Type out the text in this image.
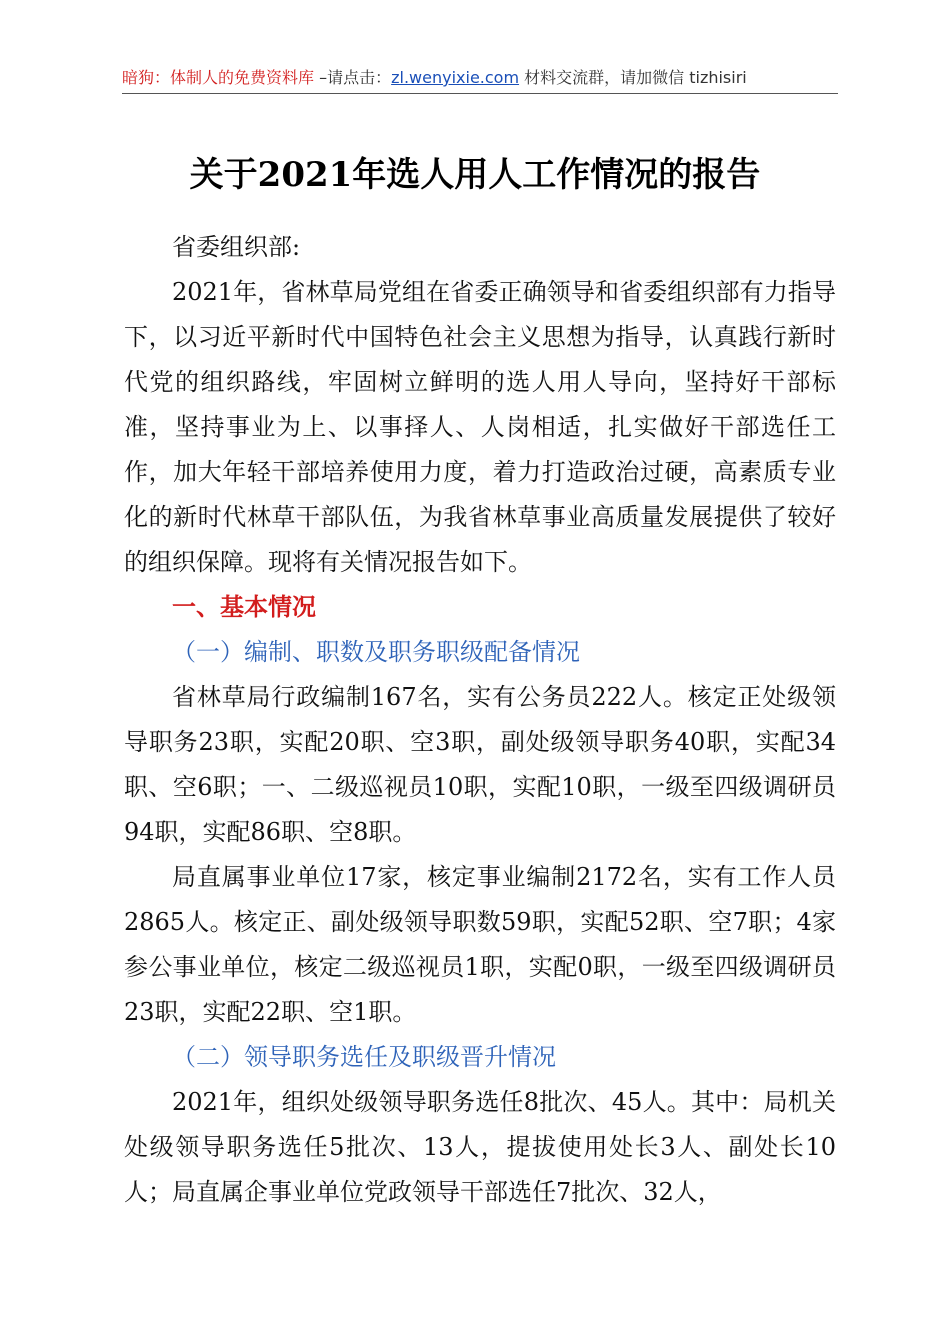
暗狗：体制人的免费资料库 –请点击：zl.wenyixie.com 材料交流群，请加微信 tizhisiri
关于2021年选人用人工作情况的报告

省委组织部:

2021年，省林草局党组在省委正确领导和省委组织部有力指导下，以习近平新时代中国特色社会主义思想为指导，认真践行新时代党的组织路线，牢固树立鲜明的选人用人导向，坚持好干部标准，坚持事业为上、以事择人、人岗相适，扎实做好干部选任工作，加大年轻干部培养使用力度，着力打造政治过硬，高素质专业化的新时代林草干部队伍，为我省林草事业高质量发展提供了较好的组织保障。现将有关情况报告如下。

一、基本情况
（一）编制、职数及职务职级配备情况

省林草局行政编制167名，实有公务员222人。核定正处级领导职务23职，实配20职、空3职，副处级领导职务40职，实配34职、空6职；一、二级巡视员10职，实配10职，一级至四级调研员94职，实配86职、空8职。

局直属事业单位17家，核定事业编制2172名，实有工作人员2865人。核定正、副处级领导职数59职，实配52职、空7职；4家参公事业单位，核定二级巡视员1职，实配0职，一级至四级调研员23职，实配22职、空1职。

（二）领导职务选任及职级晋升情况

2021年，组织处级领导职务选任8批次、45人。其中：局机关处级领导职务选任5批次、13人，提拔使用处长3人、副处长10人；局直属企事业单位党政领导干部选任7批次、32人，
